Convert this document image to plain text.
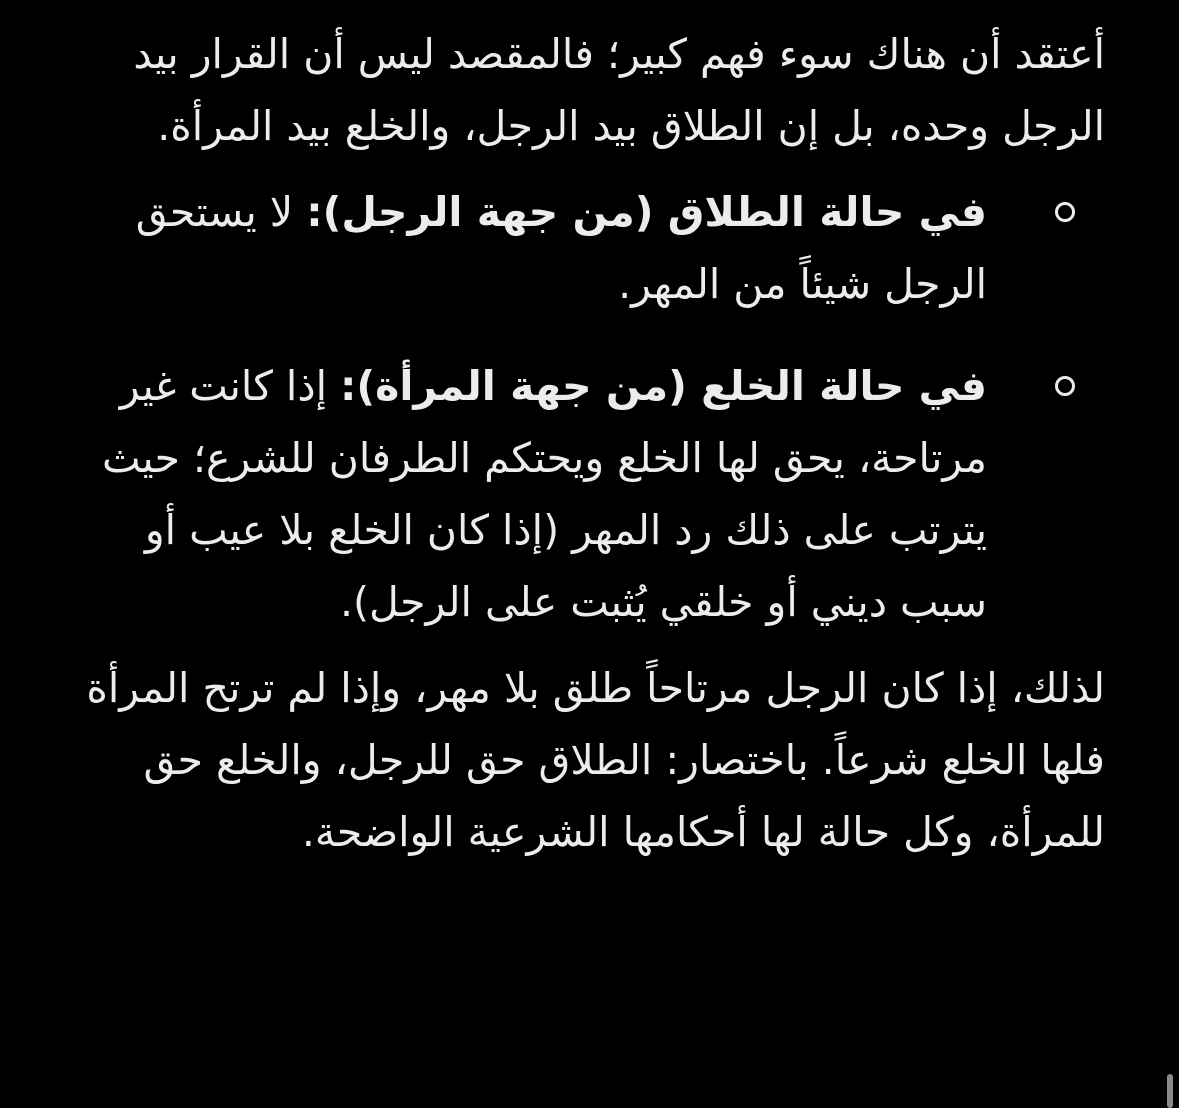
أعتقد أن هناك سوء فهم كبير؛ فالمقصد ليس أن القرار بيد الرجل وحده، بل إن الطلاق بيد الرجل، والخلع بيد المرأة.

في حالة الطلاق (من جهة الرجل): لا يستحق الرجل شيئاً من المهر.
في حالة الخلع (من جهة المرأة): إذا كانت غير مرتاحة، يحق لها الخلع ويحتكم الطرفان للشرع؛ حيث يترتب على ذلك رد المهر (إذا كان الخلع بلا عيب أو سبب ديني أو خلقي يُثبت على الرجل).

لذلك، إذا كان الرجل مرتاحاً طلق بلا مهر، وإذا لم ترتح المرأة فلها الخلع شرعاً. باختصار: الطلاق حق للرجل، والخلع حق للمرأة، وكل حالة لها أحكامها الشرعية الواضحة.
